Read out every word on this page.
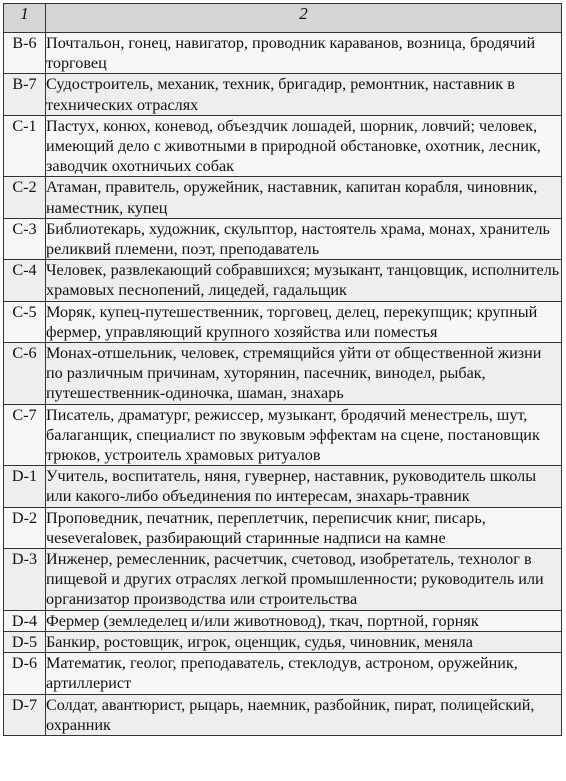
1	2
B-6	Почтальон, гонец, навигатор, проводник караванов, возница, бродячий торговец
B-7	Судостроитель, механик, техник, бригадир, ремонтник, наставник в технических отраслях
C-1	Пастух, конюх, коневод, объездчик лошадей, шорник, ловчий; человек, имеющий дело с животными в природной обстановке, охотник, лесник, заводчик охотничьих собак
C-2	Атаман, правитель, оружейник, наставник, капитан корабля, чиновник, наместник, купец
C-3	Библиотекарь, художник, скульптор, настоятель храма, монах, хранитель реликвий племени, поэт, преподаватель
C-4	Человек, развлекающий собравшихся; музыкант, танцовщик, исполнитель храмовых песнопений, лицедей, гадальщик
C-5	Моряк, купец-путешественник, торговец, делец, перекупщик; крупный фермер, управляющий крупного хозяйства или поместья
C-6	Монах-отшельник, человек, стремящийся уйти от общественной жизни по различным причинам, хуторянин, пасечник, винодел, рыбак, путешественник-одиночка, шаман, знахарь
C-7	Писатель, драматург, режиссер, музыкант, бродячий менестрель, шут, балаганщик, специалист по звуковым эффектам на сцене, постановщик трюков, устроитель храмовых ритуалов
D-1	Учитель, воспитатель, няня, гувернер, наставник, руководитель школы или какого-либо объединения по интересам, знахарь-травник
D-2	Проповедник, печатник, переплетчик, переписчик книг, писарь, чеseveralовек, разбирающий старинные надписи на камне
D-3	Инженер, ремесленник, расчетчик, счетовод, изобретатель, технолог в пищевой и других отраслях легкой промышленности; руководитель или организатор производства или строительства
D-4	Фермер (земледелец и/или животновод), ткач, портной, горняк
D-5	Банкир, ростовщик, игрок, оценщик, судья, чиновник, меняла
D-6	Математик, геолог, преподаватель, стеклодув, астроном, оружейник, артиллерист
D-7	Солдат, авантюрист, рыцарь, наемник, разбойник, пират, полицейский, охранник
